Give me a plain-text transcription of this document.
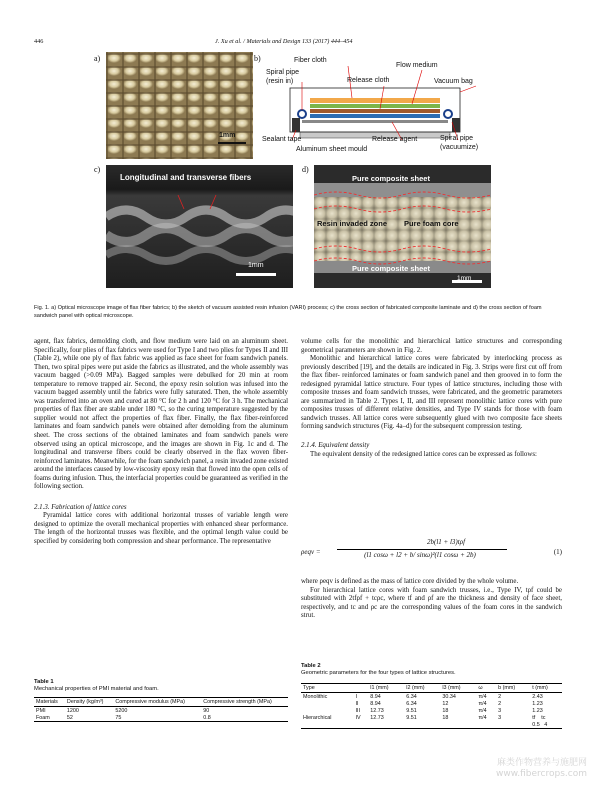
446	J. Xu et al. / Materials and Design 133 (2017) 444–454
a)	b)
c)	d)
1mm
Fiber cloth
Flow medium
Spiral pipe
(resin in)	Release cloth	Vacuum bag
Sealant tape	Release agent	Spiral pipe
(vacuumize)
Aluminum sheet mould
Longitudinal and transverse fibers
1mm
Pure composite sheet
Resin invaded zone Pure foam core
Pure composite sheet
1mm
Fig. 1. a) Optical microscope image of flax fiber fabrics; b) the sketch of vacuum assisted resin infusion (VARI) process; c) the cross section of fabricated composite laminate and d) the cross section of foam sandwich panel with optical microscope.

agent, flax fabrics, demolding cloth, and flow medium were laid on an aluminum sheet. Specifically, four plies of flax fabrics were used for Type I and two plies for Types II and III (Table 2), while one ply of flax fabric was applied as face sheet for foam sandwich panels. Then, two spiral pipes were put aside the fabrics as illustrated, and the whole assembly was vacuum bagged (>0.09 MPa). Bagged samples were debulked for 20 min at room temperature to remove trapped air. Second, the epoxy resin solution was infused into the vacuum bagged assembly until the fabrics were fully saturated. Then, the whole assembly was transferred into an oven and cured at 80 °C for 2 h and 120 °C for 3 h. The mechanical properties of flax fiber are stable under 180 °C, so the curing temperature suggested by the supplier would not affect the properties of flax fiber. Finally, the flax fiber-reinforced laminates and foam sandwich panels were obtained after demolding from the aluminum sheet. The cross sections of the obtained laminates and foam sandwich panels were observed using an optical microscope, and the images are shown in Fig. 1c and d. The longitudinal and transverse fibers could be clearly observed in the flax woven fiber-reinforced laminates. Meanwhile, for the foam sandwich panel, a resin invaded zone existed around the interfaces caused by low-viscosity epoxy resin that flowed into the open cells of foams during infusion. Thus, the interfacial properties could be guaranteed as verified in the following section.

2.1.3. Fabrication of lattice cores

Pyramidal lattice cores with additional horizontal trusses of variable length were designed to optimize the overall mechanical properties with enhanced shear performance. The length of the horizontal trusses was flexible, and the optimal length value could be specified by considering both compression and shear performance. The representative

Table 1
Mechanical properties of PMI material and foam.
Materials	Density (kg/m³)	Compressive modulus (MPa)	Compressive strength (MPa)
PMI	1200	5200	90
Foam	52	75	0.8

volume cells for the monolithic and hierarchical lattice structures and corresponding geometrical parameters are shown in Fig. 2.

Monolithic and hierarchical lattice cores were fabricated by interlocking process as previously described [19], and the details are indicated in Fig. 3. Strips were first cut off from the flax fiber- reinforced laminates or foam sandwich panel and then grooved in to form the redesigned pyramidal lattice structure. Four types of lattice structures, including those with composite trusses and foam sandwich trusses, were fabricated, and the geometric parameters are summarized in Table 2. Types I, II, and III represent monolithic lattice cores with pure composites trusses of different relative densities, and Type IV stands for those with foam sandwich trusses. All lattice cores were subsequently glued with two composite face sheets forming sandwich structures (Fig. 4a–d) for the subsequent compression testing.

2.1.4. Equivalent density

The equivalent density of the redesigned lattice cores can be expressed as follows:

ρeqv =
2b(l1 + l3)tρf
(l1 cosω + l2 + b/ sinω)²(l1 cosω + 2b)	(1)

where ρeqv is defined as the mass of lattice core divided by the whole volume.

For hierarchical lattice cores with foam sandwich trusses, i.e., Type IV, tρf could be substituted with 2tfρf + tcρc, where tf and ρf are the thickness and density of face sheet, respectively, and tc and ρc are the corresponding values of the foam cores in the sandwich strut.

Table 2
Geometric parameters for the four types of lattice structures.
Type		l1 (mm)	l2 (mm)	l3 (mm)	ω	b (mm)	t (mm)
Monolithic	I	8.94	6.34	30.34	π/4	2	2.43
	II	8.94	6.34	12	π/4	2	1.23
	III	12.73	9.51	18	π/4	3	1.23
Hierarchical	IV	12.73	9.51	18	π/4	3	tf    tc
							0.5   4
麻类作物营养与施肥网
www.fibercrops.com
